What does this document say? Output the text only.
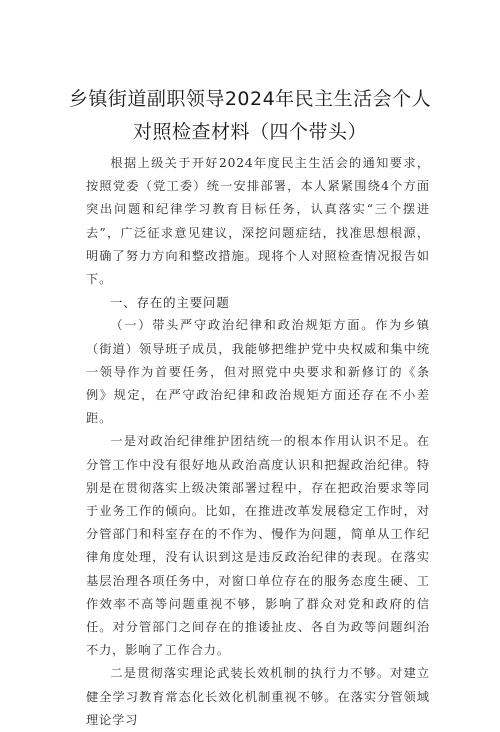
乡镇街道副职领导2024年民主生活会个人
对照检查材料（四个带头）

根据上级关于开好2024年度民主生活会的通知要求，按照党委（党工委）统一安排部署，本人紧紧围绕4个方面突出问题和纪律学习教育目标任务，认真落实“三个摆进去”，广泛征求意见建议，深挖问题症结，找准思想根源，明确了努力方向和整改措施。现将个人对照检查情况报告如下。

一、存在的主要问题

（一）带头严守政治纪律和政治规矩方面。作为乡镇（街道）领导班子成员，我能够把维护党中央权威和集中统一领导作为首要任务，但对照党中央要求和新修订的《条例》规定，在严守政治纪律和政治规矩方面还存在不小差距。

一是对政治纪律维护团结统一的根本作用认识不足。在分管工作中没有很好地从政治高度认识和把握政治纪律。特别是在贯彻落实上级决策部署过程中，存在把政治要求等同于业务工作的倾向。比如，在推进改革发展稳定工作时，对分管部门和科室存在的不作为、慢作为问题，简单从工作纪律角度处理，没有认识到这是违反政治纪律的表现。在落实基层治理各项任务中，对窗口单位存在的服务态度生硬、工作效率不高等问题重视不够，影响了群众对党和政府的信任。对分管部门之间存在的推诿扯皮、各自为政等问题纠治不力，影响了工作合力。

二是贯彻落实理论武装长效机制的执行力不够。对建立健全学习教育常态化长效化机制重视不够。在落实分管领域理论学习
